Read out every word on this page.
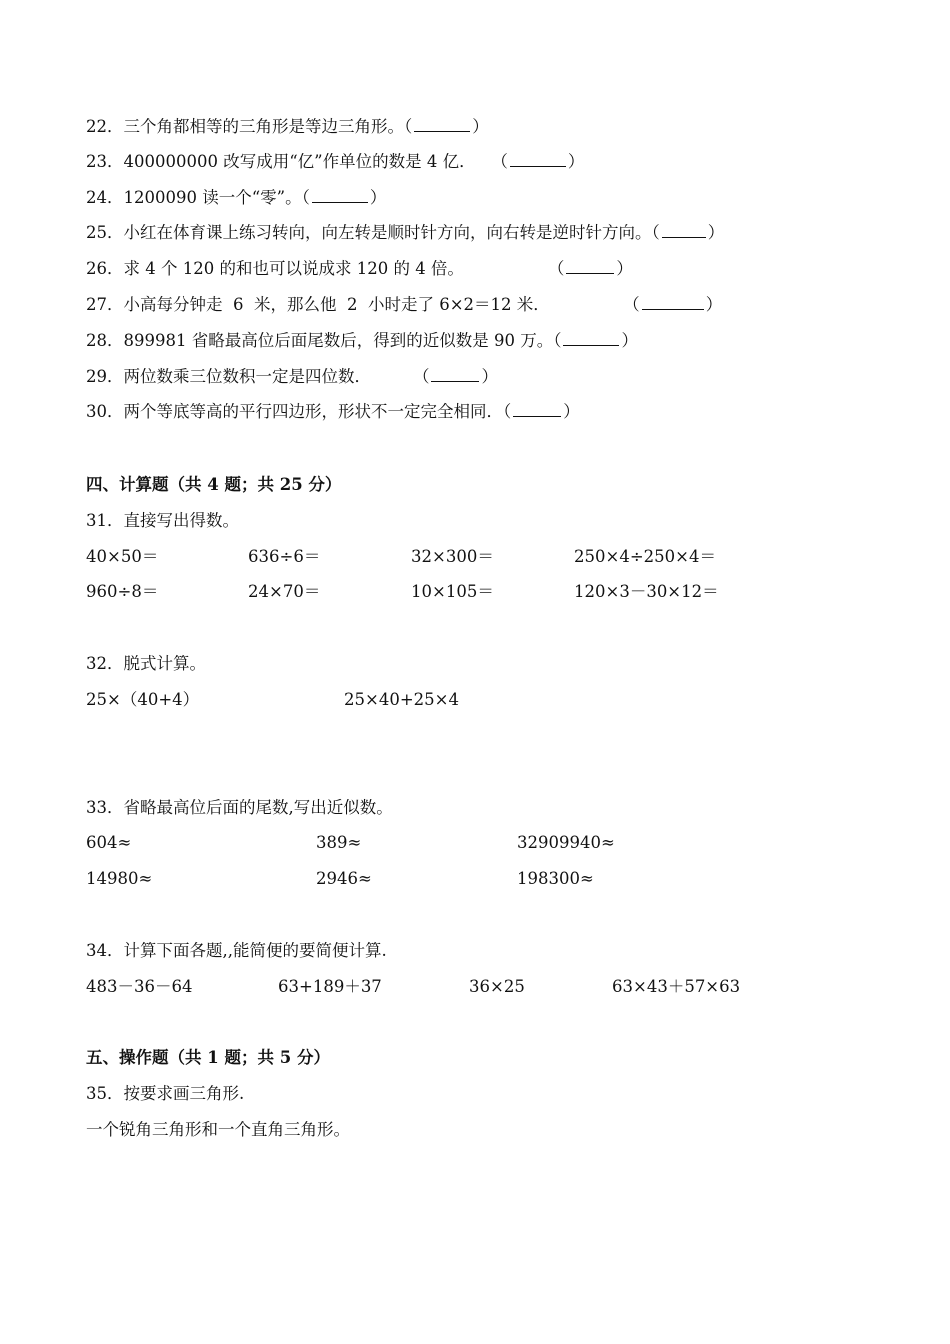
22．三个角都相等的三角形是等边三角形。（	）
23．400000000 改写成用“亿”作单位的数是 4 亿．   （	）
24．1200090 读一个“零”。（	）
25．小红在体育课上练习转向，向左转是顺时针方向，向右转是逆时针方向。（	）
26．求 4 个 120 的和也可以说成求 120 的 4 倍。                （	）
27．小高每分钟走  6  米，那么他  2  小时走了 6×2＝12 米．              （	）
28．899981 省略最高位后面尾数后，得到的近似数是 90 万。（	）
29．两位数乘三位数积一定是四位数．        （	）
30．两个等底等高的平行四边形，形状不一定完全相同．（	）
四、计算题（共 4 题；共 25 分）
31．直接写出得数。
40×50＝	636÷6＝	32×300＝	250×4÷250×4＝
960÷8＝	24×70＝	10×105＝	120×3－30×12＝
32．脱式计算。
25×（40+4）	25×40+25×4
33．省略最高位后面的尾数,写出近似数。
604≈	389≈	32909940≈
14980≈	2946≈	198300≈
34．计算下面各题,,能简便的要简便计算.
483－36－64	63+189＋37	36×25	63×43＋57×63
五、操作题（共 1 题；共 5 分）
35．按要求画三角形.
一个锐角三角形和一个直角三角形。
